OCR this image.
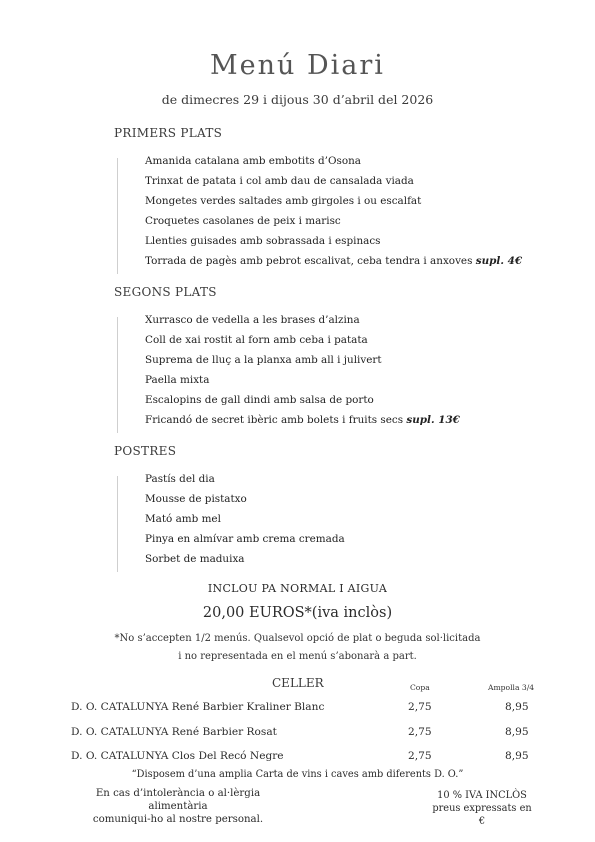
Menú Diari
de dimecres 29 i dijous 30 d’abril del 2026
PRIMERS PLATS
Amanida catalana amb embotits d’Osona
Trinxat de patata i col amb dau de cansalada viada
Mongetes verdes saltades amb girgoles i ou escalfat
Croquetes casolanes de peix i marisc
Llenties guisades amb sobrassada i espinacs
Torrada de pagès amb pebrot escalivat, ceba tendra i anxoves supl. 4€
SEGONS PLATS
Xurrasco de vedella a les brases d’alzina
Coll de xai rostit al forn amb ceba i patata
Suprema de lluç a la planxa amb all i julivert
Paella mixta
Escalopins de gall dindi amb salsa de porto
Fricandó de secret ibèric amb bolets i fruits secs supl. 13€
POSTRES
Pastís del dia
Mousse de pistatxo
Mató amb mel
Pinya en almívar amb crema cremada
Sorbet de maduixa
INCLOU PA NORMAL I AIGUA
20,00 EUROS*(iva inclòs)
*No s’accepten 1/2 menús. Qualsevol opció de plat o beguda sol·licitada
i no representada en el menú s’abonarà a part.
CELLER	Copa	Ampolla 3/4
D. O. CATALUNYA René Barbier Kraliner Blanc	2,75	8,95
D. O. CATALUNYA René Barbier Rosat	2,75	8,95
D. O. CATALUNYA Clos Del Recó Negre	2,75	8,95
“Disposem d’una amplia Carta de vins i caves amb diferents D. O.”
En cas d’intolerància o al·lèrgia alimentària
comuniqui-ho al nostre personal.
10 % IVA INCLÒS
preus expressats en €
